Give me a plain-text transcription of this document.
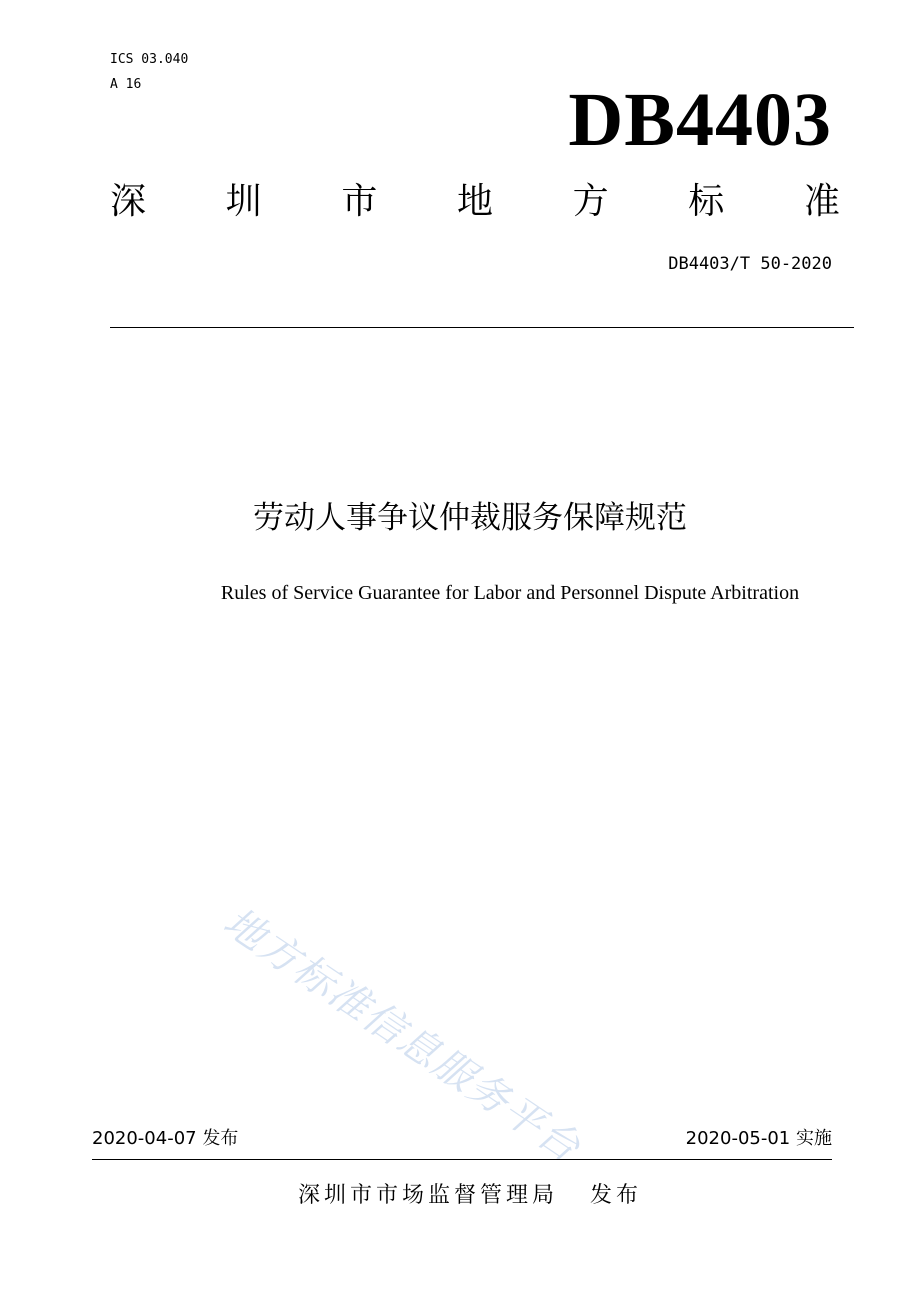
ICS 03.040
A 16	DB4403
深 圳 市 地 方 标 准
DB4403/T 50-2020
劳动人事争议仲裁服务保障规范
Rules of Service Guarantee for Labor and Personnel Dispute Arbitration
地方标准信息服务平台
2020-04-07 发布	2020-05-01 实施
深圳市市场监督管理局 发布
